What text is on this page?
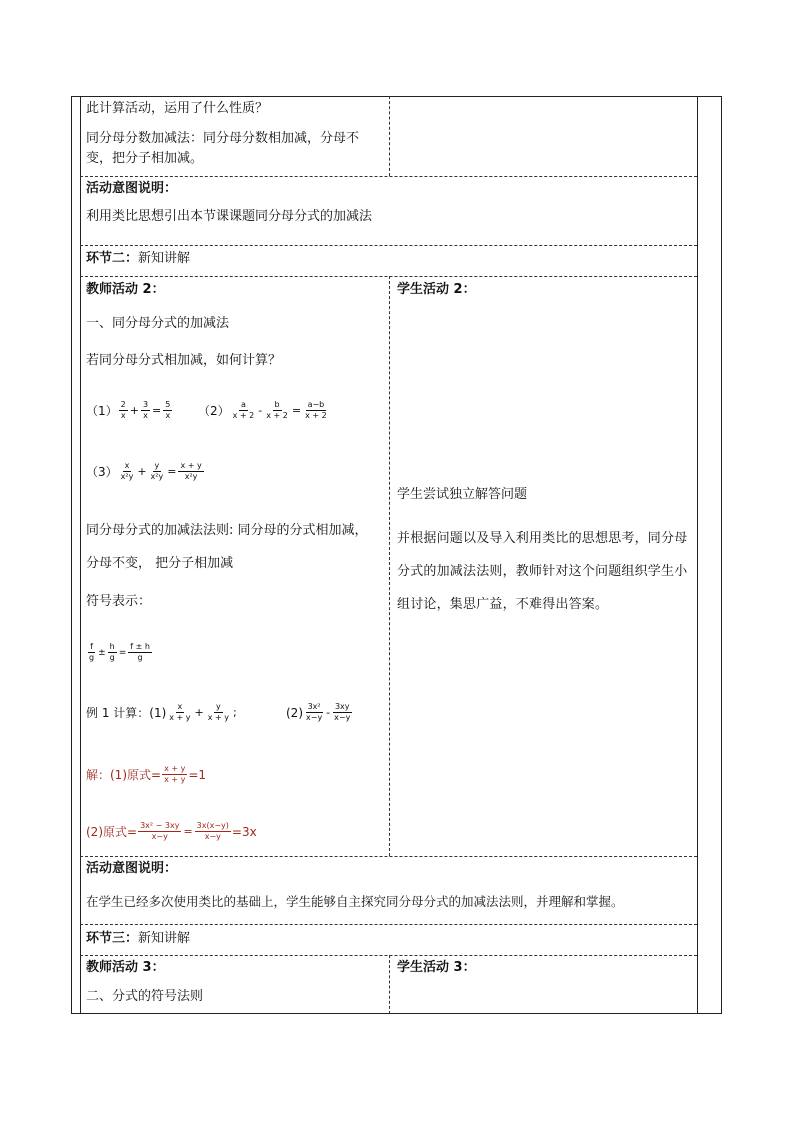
此计算活动，运用了什么性质？
同分母分数加减法：同分母分数相加减，分母不
变，把分子相加减。
活动意图说明：
利用类比思想引出本节课课题同分母分式的加减法
环节二：新知讲解
教师活动 2：
一、同分母分式的加减法
若同分母分式相加减，如何计算？
$(1) \frac{2}{x} + \frac{3}{x} = \frac{5}{x} (2) \frac{a}{x + 2} - \frac{b}{x + 2} = \frac{a-b}{x + 2}$
$(3) \frac{x}{\text{x²y}} + \frac{y}{\text{x²y}} = \frac{x + y}{\text{x²y}}$
同分母分式的加减法法则: 同分母的分式相加减，
分母不变， 把分子相加减
符号表示：
$\frac{f}{g} \pm \frac{h}{g} = \frac{f \pm h}{g}$
例 1 计算：$(1) \frac{x}{x + y} + \frac{y}{x + y}$ ;	$(2) \frac{\text{3x²}}{x-y} - \frac{3xy}{x-y}$
解：(1)原式= $\frac{x + y}{x + y} =1$
(2)原式= $\frac{\text{3x² − 3xy}}{x-y} = \frac{3x(x-y)}{x-y} =3x$
学生活动 2：
学生尝试独立解答问题
并根据问题以及导入利用类比的思想思考，同分母分式的加减法法则，教师针对这个问题组织学生小组讨论，集思广益，不难得出答案。
活动意图说明：
在学生已经多次使用类比的基础上，学生能够自主探究同分母分式的加减法法则，并理解和掌握。
环节三：新知讲解
教师活动 3：
二、分式的符号法则
学生活动 3：
